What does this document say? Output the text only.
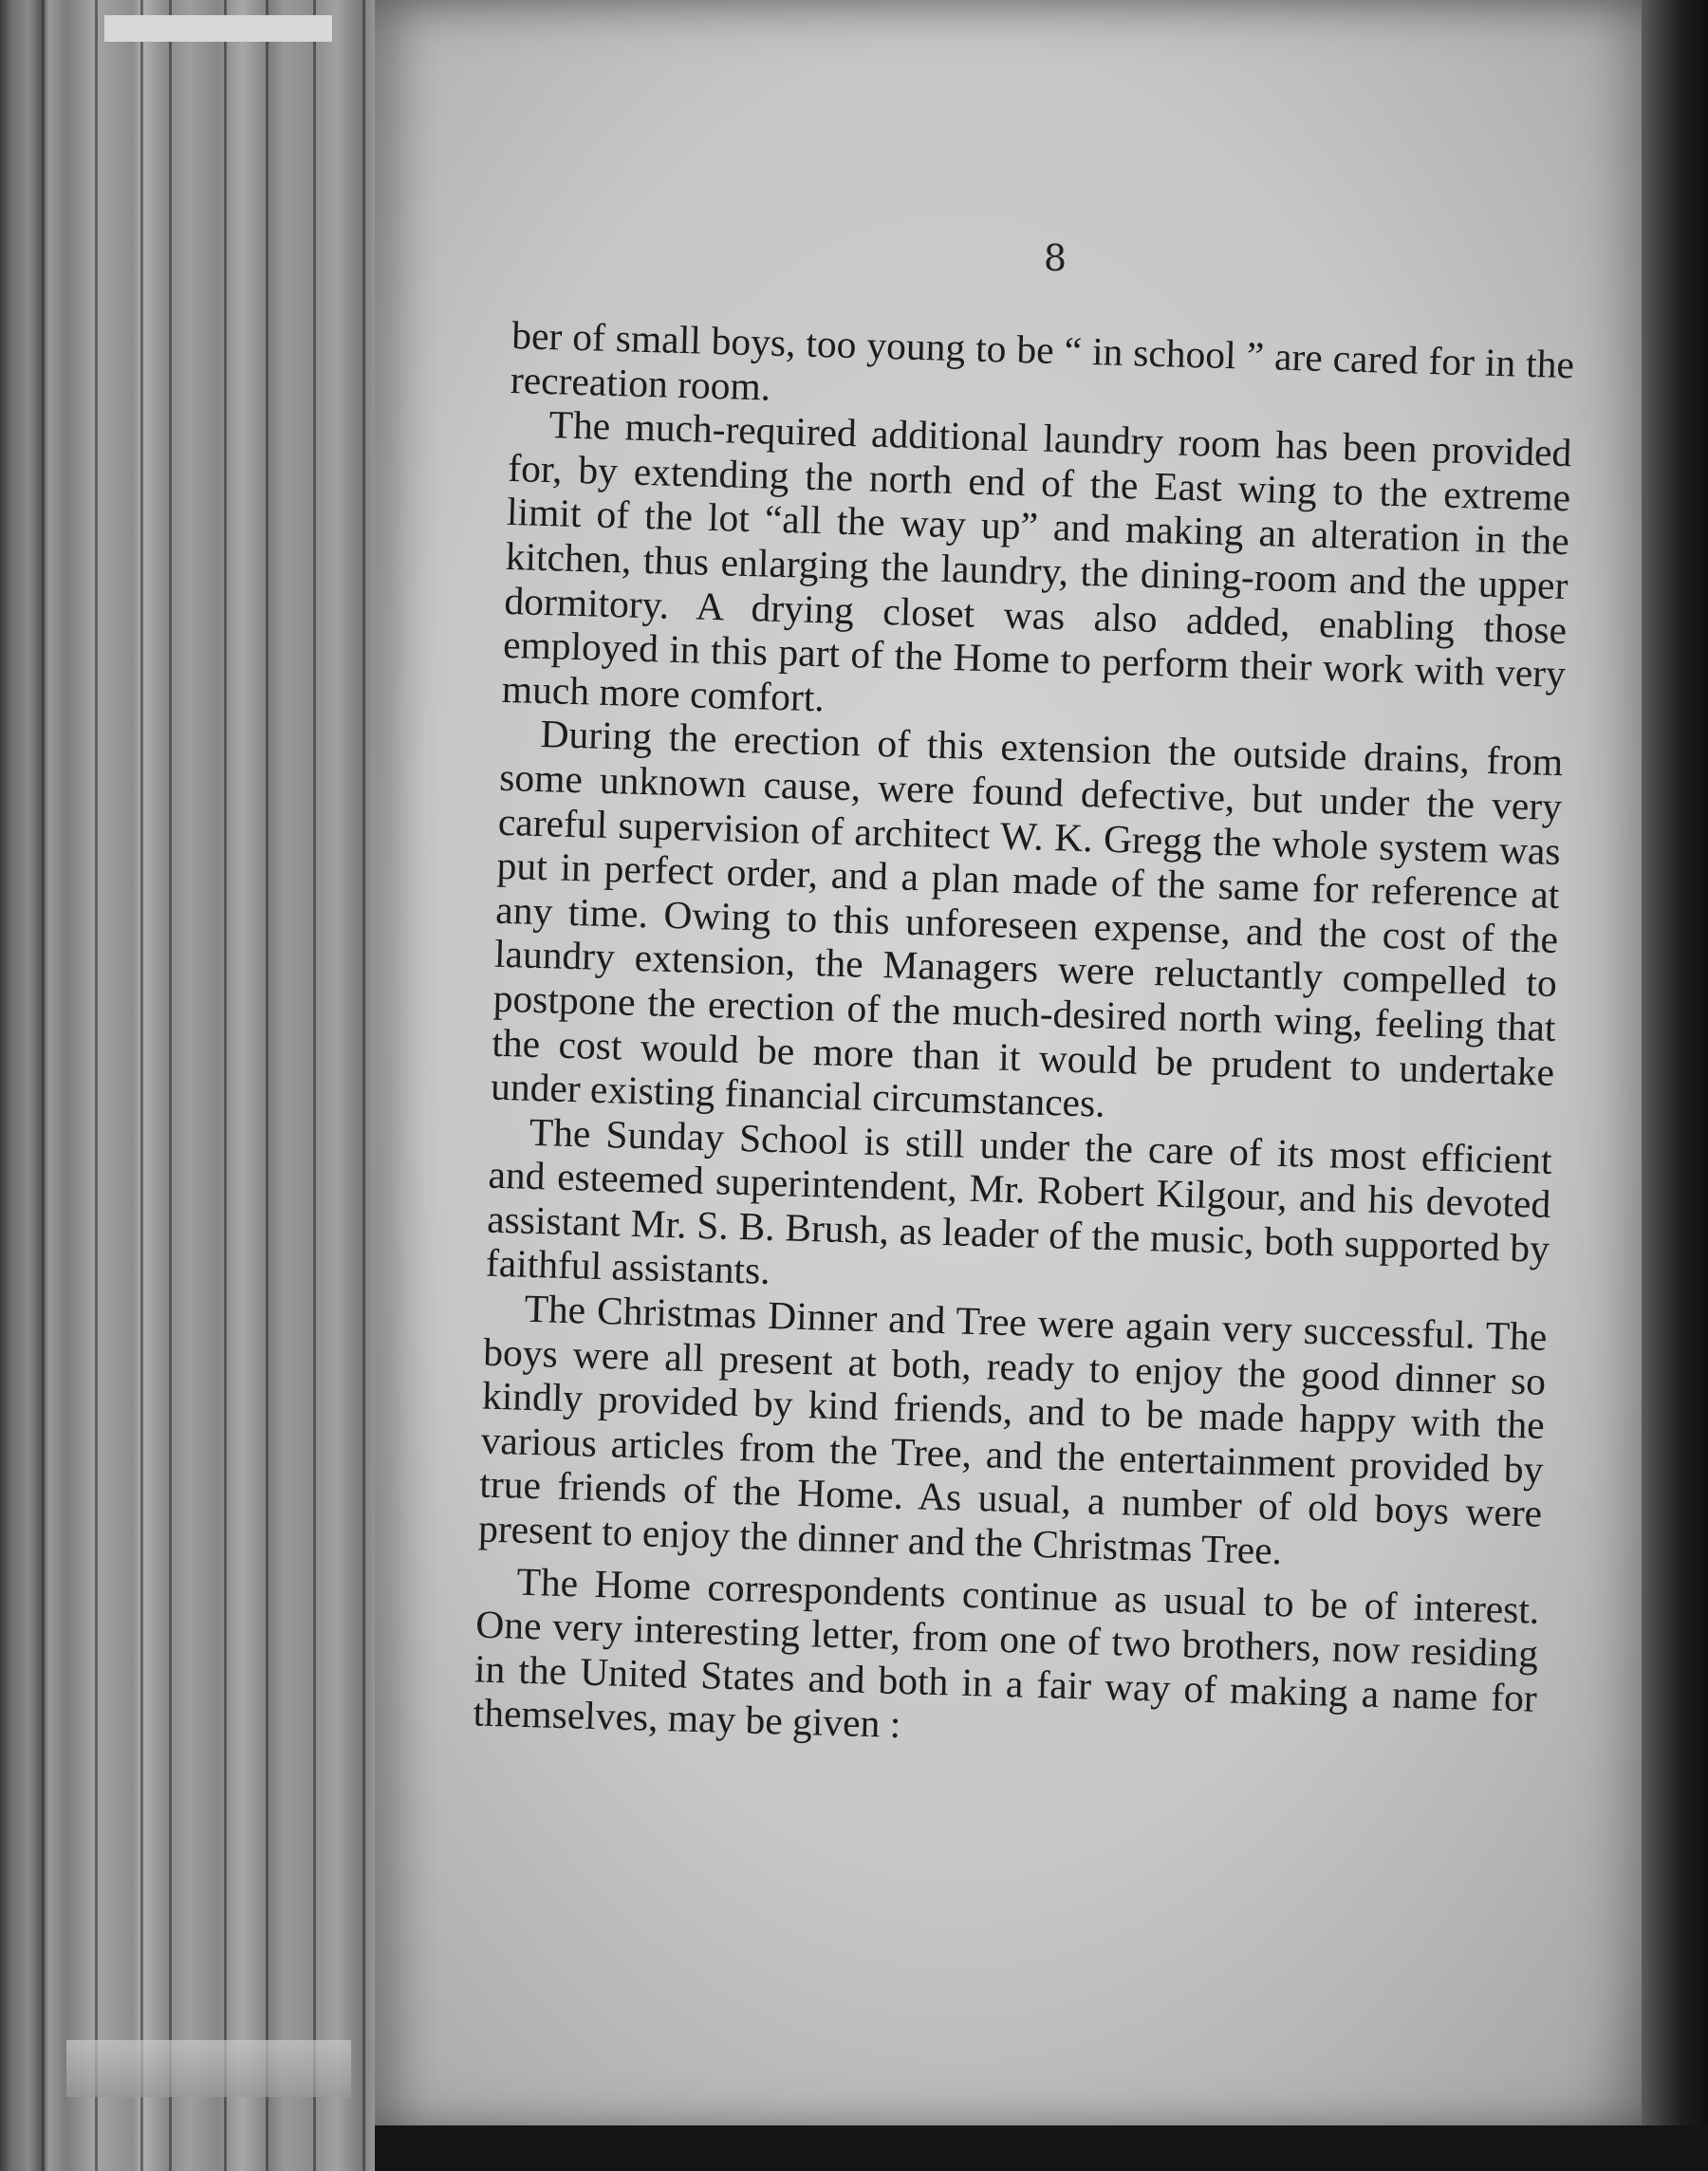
8

ber of small boys, too young to be “ in school ” are cared for in the recreation room.

The much-required additional laundry room has been provided for, by extending the north end of the East wing to the extreme limit of the lot “all the way up” and making an alteration in the kitchen, thus enlarging the laundry, the dining-room and the upper dormitory. A drying closet was also added, enabling those employed in this part of the Home to perform their work with very much more comfort.

During the erection of this extension the outside drains, from some unknown cause, were found defective, but under the very careful supervision of architect W. K. Gregg the whole system was put in perfect order, and a plan made of the same for reference at any time. Owing to this unforeseen expense, and the cost of the laundry extension, the Managers were reluctantly compelled to postpone the erection of the much-desired north wing, feeling that the cost would be more than it would be prudent to undertake under existing financial circumstances.

The Sunday School is still under the care of its most efficient and esteemed superintendent, Mr. Robert Kilgour, and his devoted assistant Mr. S. B. Brush, as leader of the music, both supported by faithful assistants.

The Christmas Dinner and Tree were again very successful. The boys were all present at both, ready to enjoy the good dinner so kindly provided by kind friends, and to be made happy with the various articles from the Tree, and the entertainment provided by true friends of the Home. As usual, a number of old boys were present to enjoy the dinner and the Christmas Tree.

The Home correspondents continue as usual to be of interest. One very interesting letter, from one of two brothers, now residing in the United States and both in a fair way of making a name for themselves, may be given :
